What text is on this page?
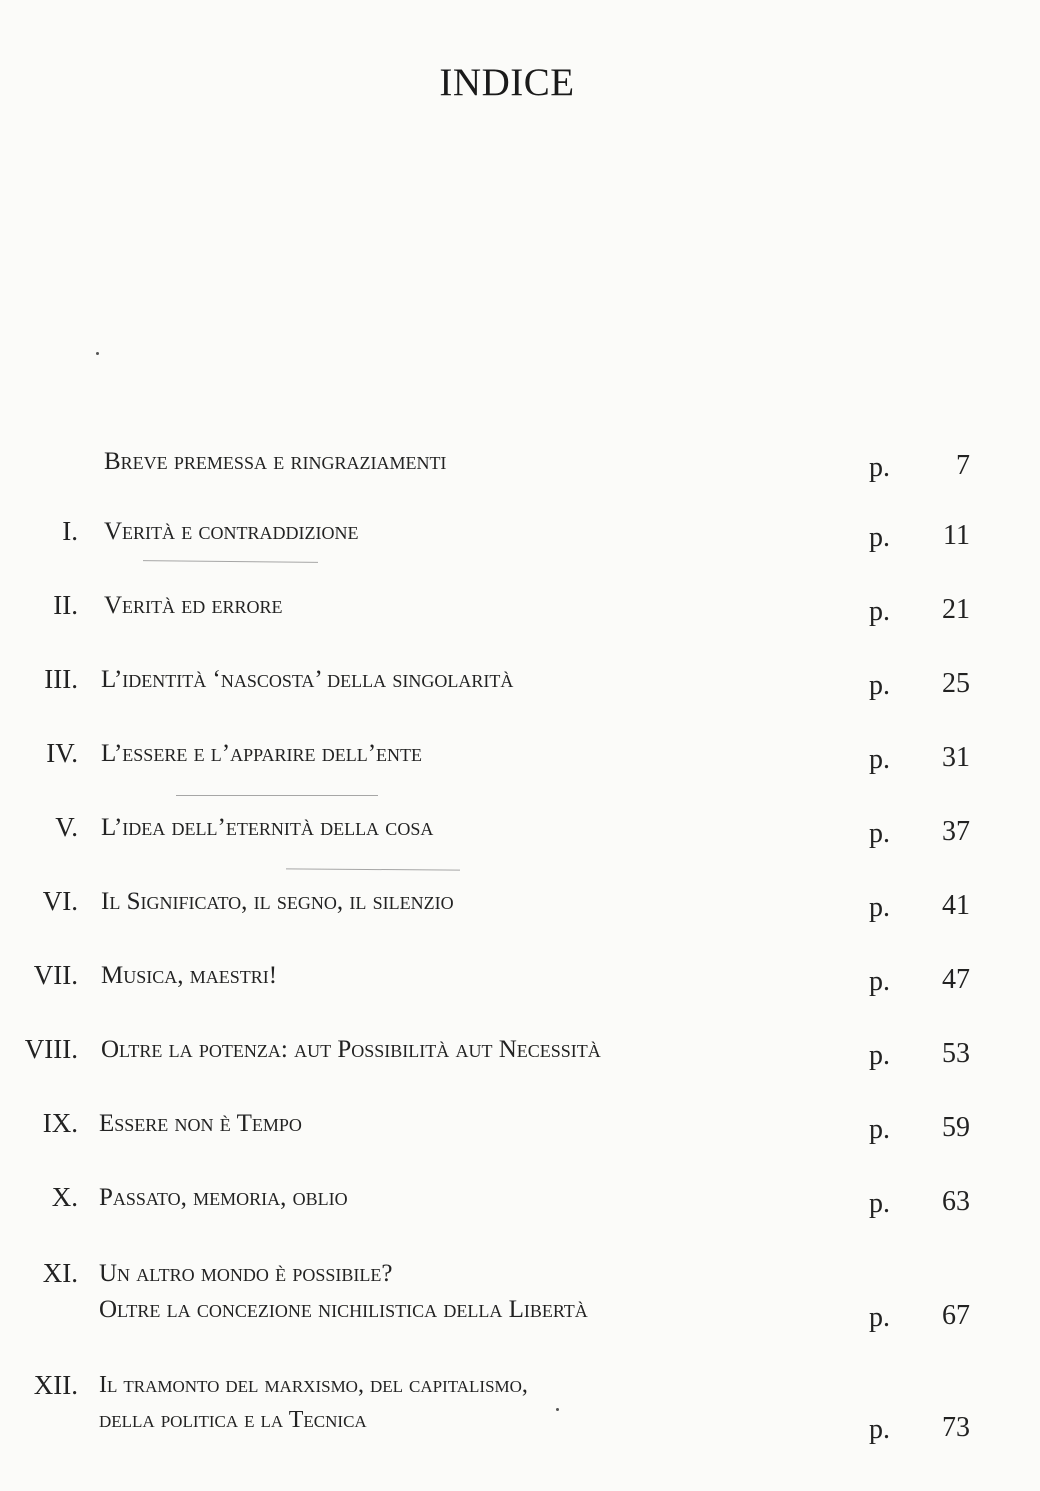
INDICE
Breve premessa e ringraziamenti	p. 7
I. Verità e contraddizione	p. 11
II. Verità ed errore	p. 21
III. L’identità ‘nascosta’ della singolarità	p. 25
IV. L’essere e l’apparire dell’ente	p. 31
V. L’idea dell’eternità della cosa	p. 37
VI. Il Significato, il segno, il silenzio	p. 41
VII. Musica, maestri!	p. 47
VIII. Oltre la potenza: aut Possibilità aut Necessità	p. 53
IX. Essere non è Tempo	p. 59
X. Passato, memoria, oblio	p. 63
XI. Un altro mondo è possibile?
Oltre la concezione nichilistica della Libertà	p. 67
XII. Il tramonto del marxismo, del capitalismo,
della politica e la Tecnica	p. 73
